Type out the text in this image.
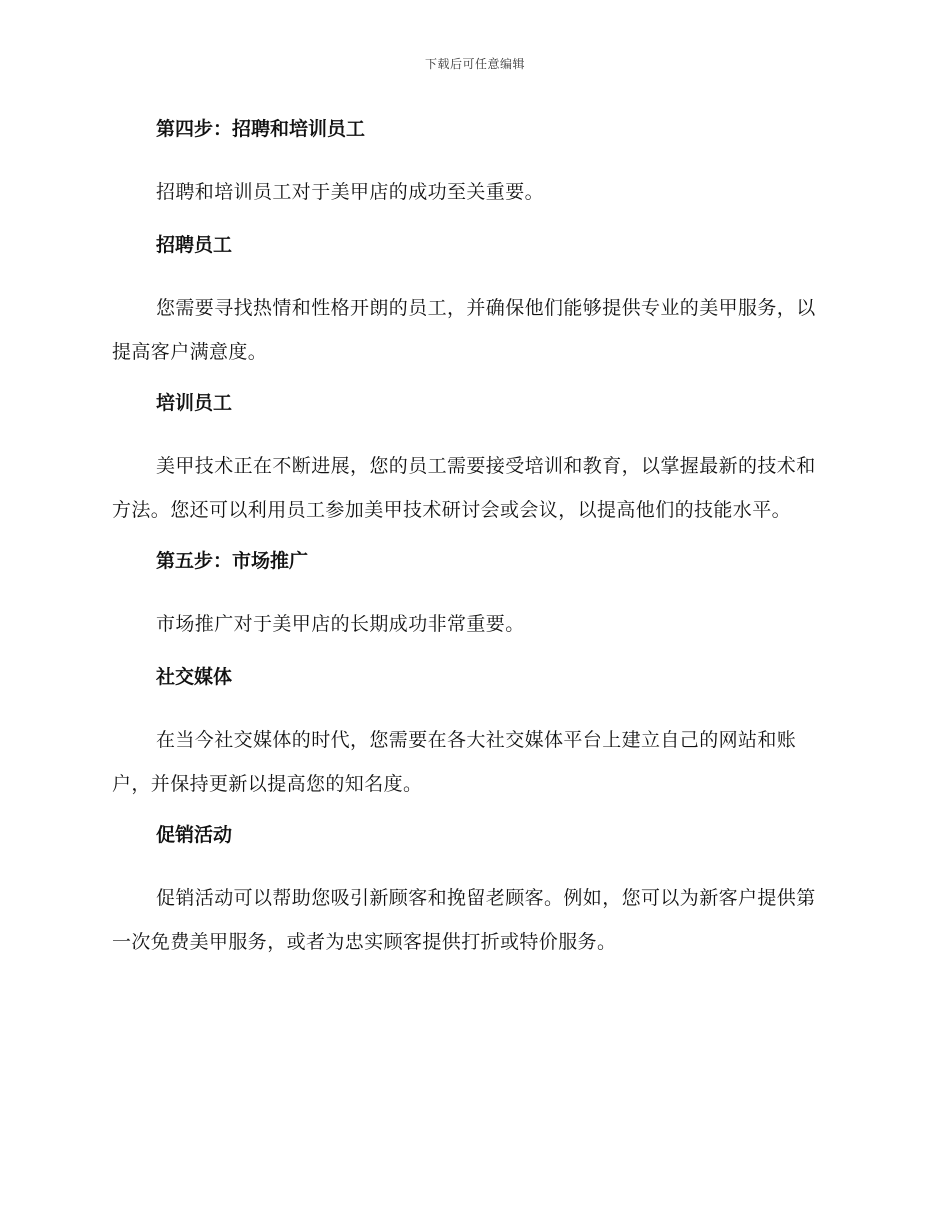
下载后可任意编辑
第四步：招聘和培训员工
招聘和培训员工对于美甲店的成功至关重要。
招聘员工
您需要寻找热情和性格开朗的员工，并确保他们能够提供专业的美甲服务，以提高客户满意度。
培训员工
美甲技术正在不断进展，您的员工需要接受培训和教育，以掌握最新的技术和方法。您还可以利用员工参加美甲技术研讨会或会议，以提高他们的技能水平。
第五步：市场推广
市场推广对于美甲店的长期成功非常重要。
社交媒体
在当今社交媒体的时代，您需要在各大社交媒体平台上建立自己的网站和账户，并保持更新以提高您的知名度。
促销活动
促销活动可以帮助您吸引新顾客和挽留老顾客。例如，您可以为新客户提供第一次免费美甲服务，或者为忠实顾客提供打折或特价服务。
